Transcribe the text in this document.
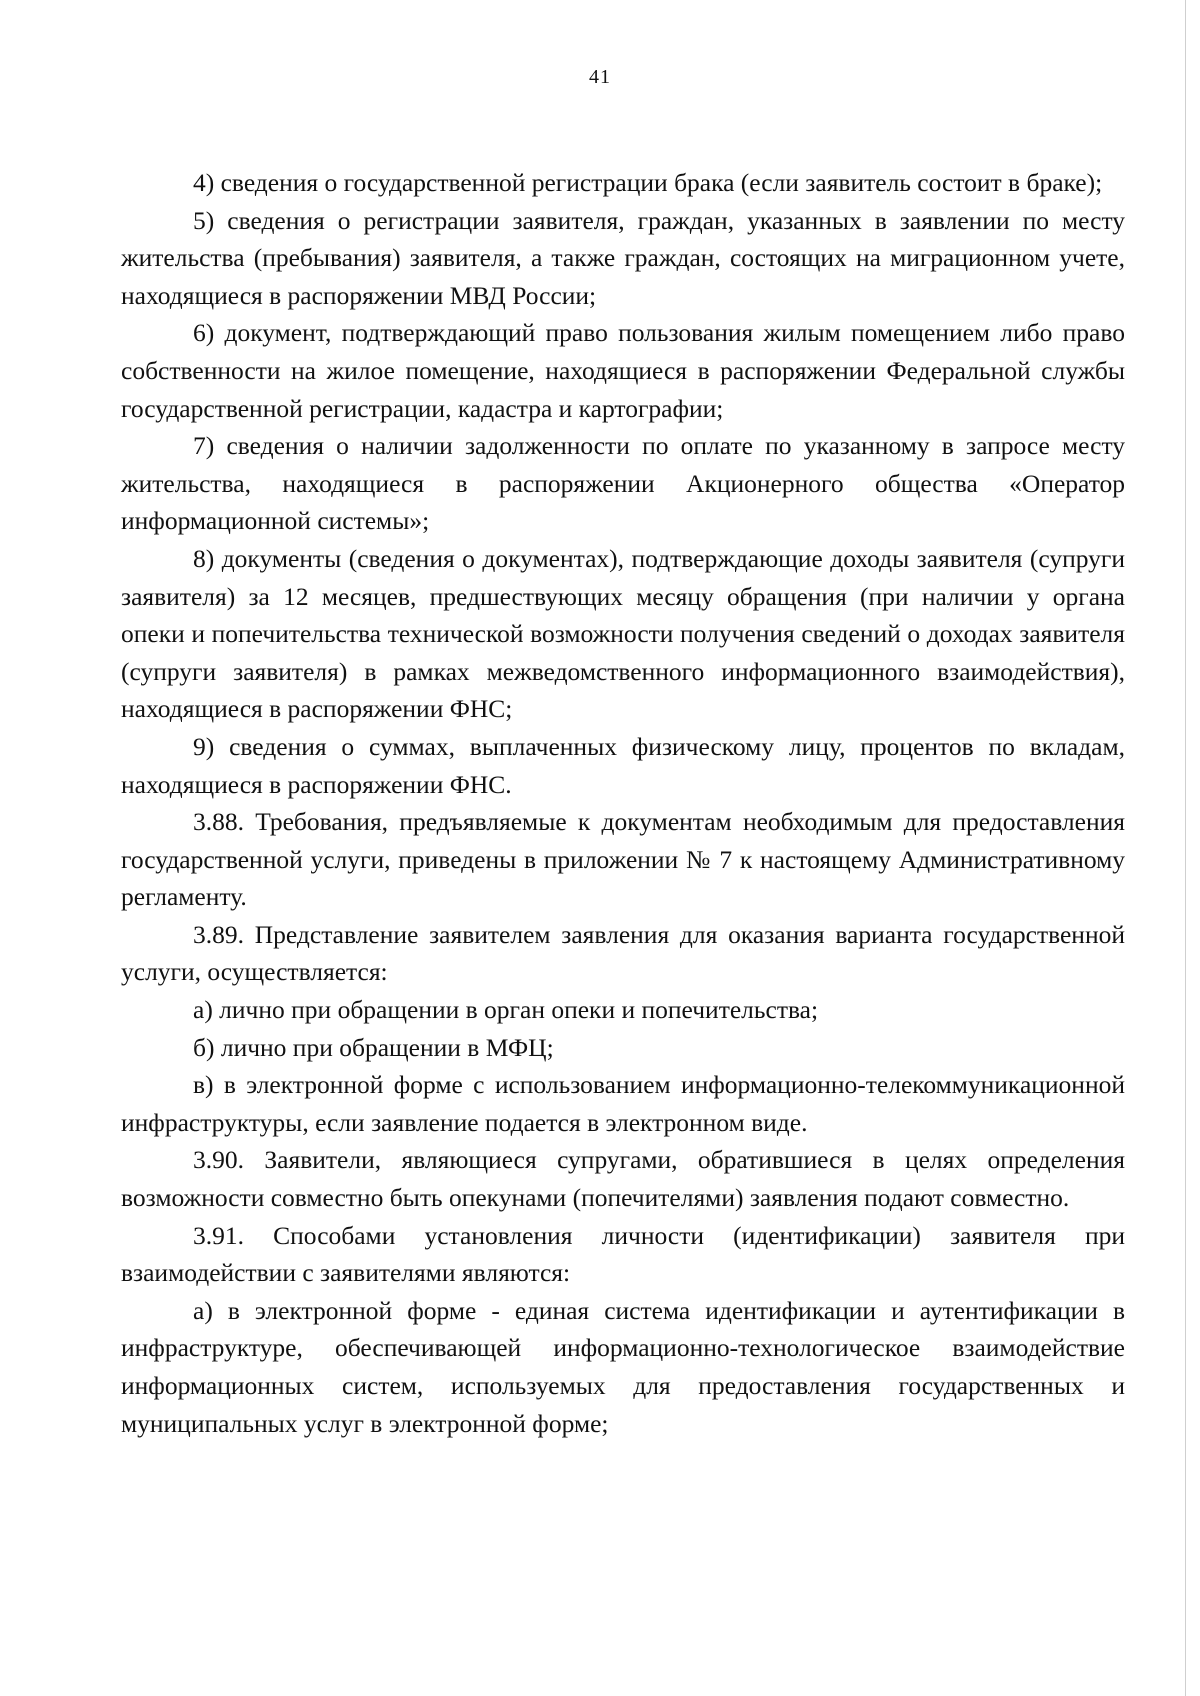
41

4) сведения о государственной регистрации брака (если заявитель состоит в браке);

5) сведения о регистрации заявителя, граждан, указанных в заявлении по месту жительства (пребывания) заявителя, а также граждан, состоящих на миграционном учете, находящиеся в распоряжении МВД России;

6) документ, подтверждающий право пользования жилым помещением либо право собственности на жилое помещение, находящиеся в распоряжении Федеральной службы государственной регистрации, кадастра и картографии;

7) сведения о наличии задолженности по оплате по указанному в запросе месту жительства, находящиеся в распоряжении Акционерного общества «Оператор информационной системы»;

8) документы (сведения о документах), подтверждающие доходы заявителя (супруги заявителя) за 12 месяцев, предшествующих месяцу обращения (при наличии у органа опеки и попечительства технической возможности получения сведений о доходах заявителя (супруги заявителя) в рамках межведомственного информационного взаимодействия), находящиеся в распоряжении ФНС;

9) сведения о суммах, выплаченных физическому лицу, процентов по вкладам, находящиеся в распоряжении ФНС.

3.88. Требования, предъявляемые к документам необходимым для предоставления государственной услуги, приведены в приложении № 7 к настоящему Административному регламенту.

3.89. Представление заявителем заявления для оказания варианта государственной услуги, осуществляется:

а) лично при обращении в орган опеки и попечительства;

б) лично при обращении в МФЦ;

в) в электронной форме с использованием информационно-телекоммуникационной инфраструктуры, если заявление подается в электронном виде.

3.90. Заявители, являющиеся супругами, обратившиеся в целях определения возможности совместно быть опекунами (попечителями) заявления подают совместно.

3.91. Способами установления личности (идентификации) заявителя при взаимодействии с заявителями являются:

а) в электронной форме - единая система идентификации и аутентификации в инфраструктуре, обеспечивающей информационно-технологическое взаимодействие информационных систем, используемых для предоставления государственных и муниципальных услуг в электронной форме;
